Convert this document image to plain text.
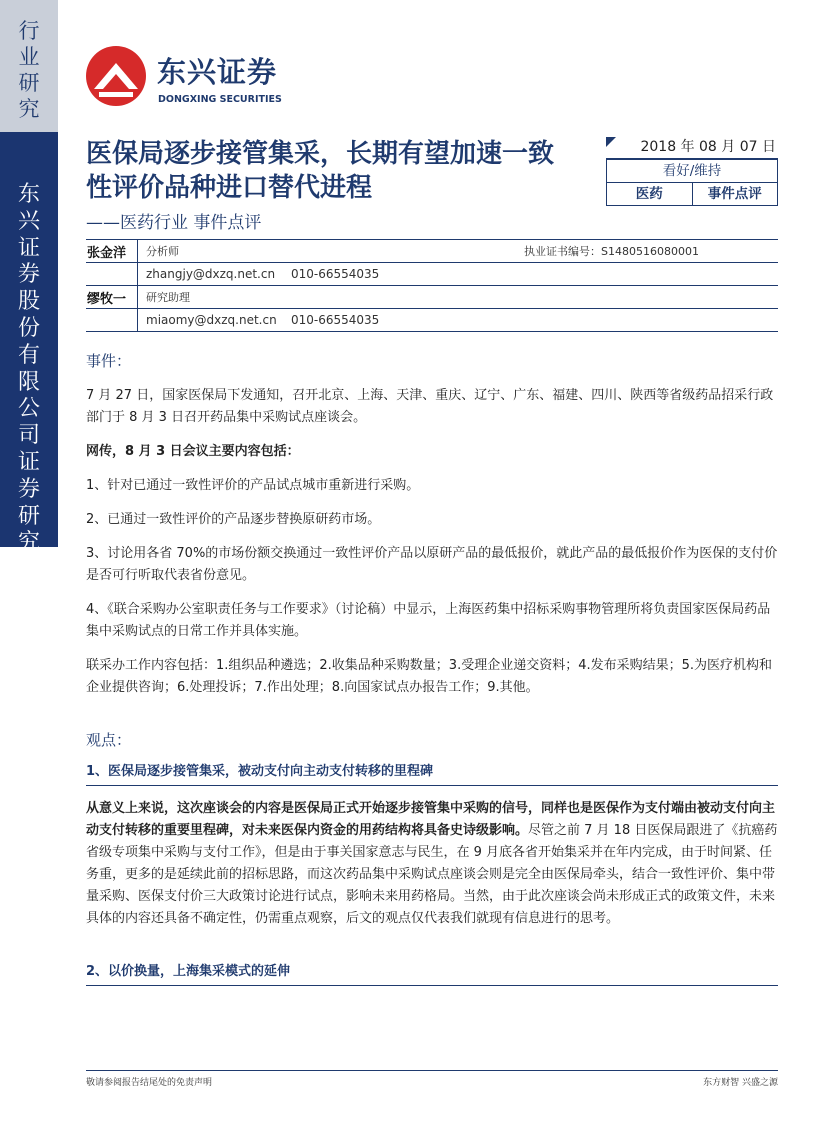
行业研究
东兴证券股份有限公司证券研究报告
东兴证券
DONGXING SECURITIES
医保局逐步接管集采，长期有望加速一致性评价品种进口替代进程
——医药行业 事件点评
2018 年 08 月 07 日
看好/维持
医药	事件点评
张金洋	分析师	执业证书编号：S1480516080001
zhangjy@dxzq.net.cn	010-66554035
缪牧一	研究助理
miaomy@dxzq.net.cn	010-66554035
事件：

7 月 27 日，国家医保局下发通知，召开北京、上海、天津、重庆、辽宁、广东、福建、四川、陕西等省级药品招采行政部门于 8 月 3 日召开药品集中采购试点座谈会。

网传，8 月 3 日会议主要内容包括：

1、针对已通过一致性评价的产品试点城市重新进行采购。

2、已通过一致性评价的产品逐步替换原研药市场。

3、讨论用各省 70%的市场份额交换通过一致性评价产品以原研产品的最低报价，就此产品的最低报价作为医保的支付价是否可行听取代表省份意见。

4、《联合采购办公室职责任务与工作要求》（讨论稿）中显示，上海医药集中招标采购事物管理所将负责国家医保局药品集中采购试点的日常工作并具体实施。

联采办工作内容包括：1.组织品种遴选；2.收集品种采购数量；3.受理企业递交资料；4.发布采购结果；5.为医疗机构和企业提供咨询；6.处理投诉；7.作出处理；8.向国家试点办报告工作；9.其他。

观点：
1、医保局逐步接管集采，被动支付向主动支付转移的里程碑

从意义上来说，这次座谈会的内容是医保局正式开始逐步接管集中采购的信号，同样也是医保作为支付端由被动支付向主动支付转移的重要里程碑，对未来医保内资金的用药结构将具备史诗级影响。尽管之前 7 月 18 日医保局跟进了《抗癌药省级专项集中采购与支付工作》，但是由于事关国家意志与民生，在 9 月底各省开始集采并在年内完成，由于时间紧、任务重，更多的是延续此前的招标思路，而这次药品集中采购试点座谈会则是完全由医保局牵头，结合一致性评价、集中带量采购、医保支付价三大政策讨论进行试点，影响未来用药格局。当然，由于此次座谈会尚未形成正式的政策文件，未来具体的内容还具备不确定性，仍需重点观察，后文的观点仅代表我们就现有信息进行的思考。

2、以价换量，上海集采模式的延伸
敬请参阅报告结尾处的免责声明	东方财智 兴盛之源
